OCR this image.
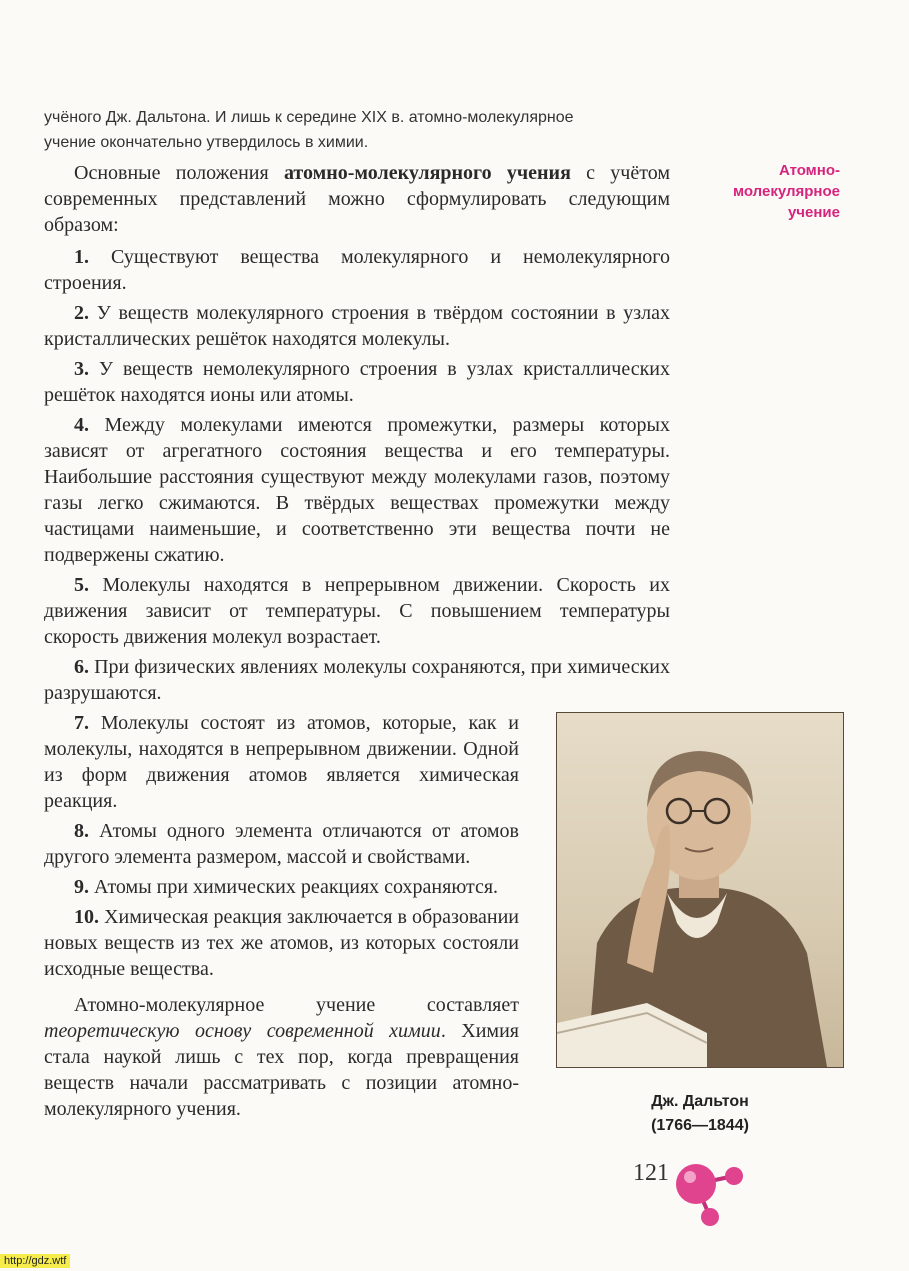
учёного Дж. Дальтона. И лишь к середине XIX в. атомно-молекулярное
учение окончательно утвердилось в химии.
Атомно-молекулярное учение

Основные положения атомно-молекулярного учения с учётом современных представлений можно сформулировать следующим образом:

1. Существуют вещества молекулярного и немолекулярного строения.

2. У веществ молекулярного строения в твёрдом состоянии в узлах кристаллических решёток находятся молекулы.

3. У веществ немолекулярного строения в узлах кристаллических решёток находятся ионы или атомы.

4. Между молекулами имеются промежутки, размеры которых зависят от агрегатного состояния вещества и его температуры. Наибольшие расстояния существуют между молекулами газов, поэтому газы легко сжимаются. В твёрдых веществах промежутки между частицами наименьшие, и соответственно эти вещества почти не подвержены сжатию.

5. Молекулы находятся в непрерывном движении. Скорость их движения зависит от температуры. С повышением температуры скорость движения молекул возрастает.

6. При физических явлениях молекулы сохраняются, при химических разрушаются.

7. Молекулы состоят из атомов, которые, как и молекулы, находятся в непрерывном движении. Одной из форм движения атомов является химическая реакция.

8. Атомы одного элемента отличаются от атомов другого элемента размером, массой и свойствами.

9. Атомы при химических реакциях сохраняются.

10. Химическая реакция заключается в образовании новых веществ из тех же атомов, из которых состояли исходные вещества.

Атомно-молекулярное учение составляет теоретическую основу современной химии. Химия стала наукой лишь с тех пор, когда превращения веществ начали рассматривать с позиции атомно-молекулярного учения.	Дж. Дальтон
(1766—1844)
121
http://gdz.wtf
